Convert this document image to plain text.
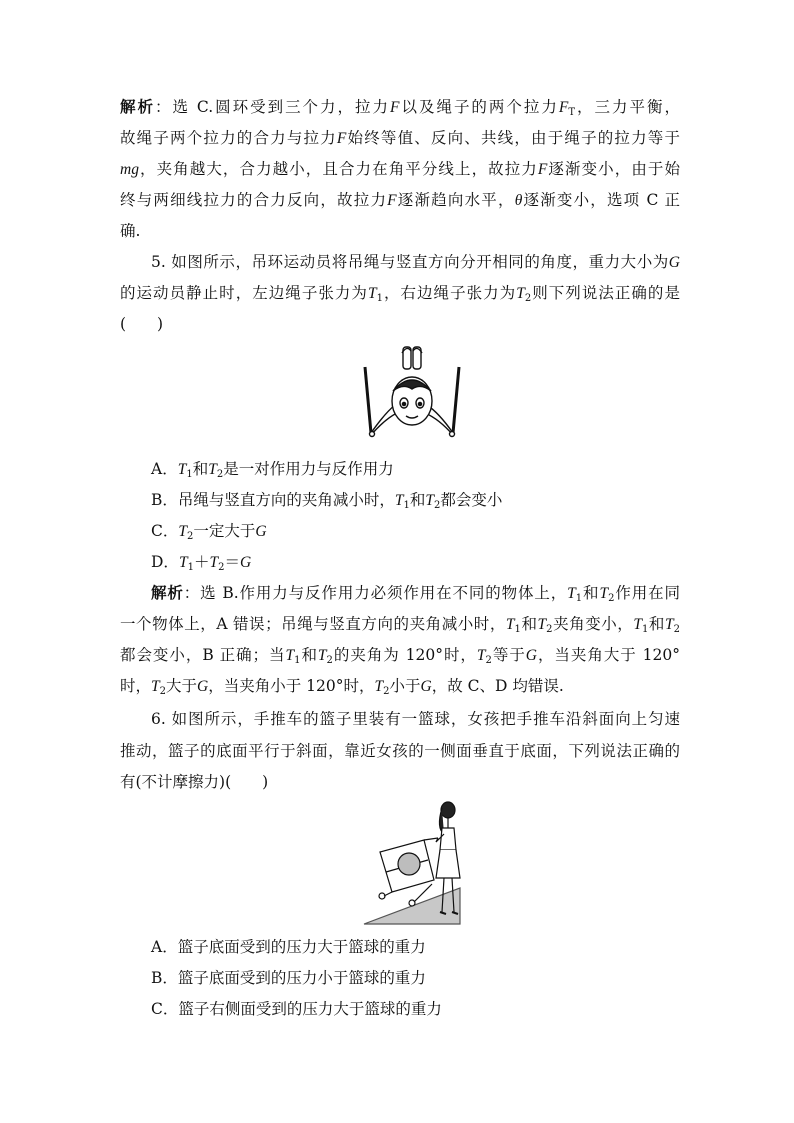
解析：选 C.圆环受到三个力，拉力F以及绳子的两个拉力$F_T$，三力平衡，
故绳子两个拉力的合力与拉力F始终等值、反向、共线，由于绳子的拉力等于
mg，夹角越大，合力越小，且合力在角平分线上，故拉力F逐渐变小，由于始
终与两细线拉力的合力反向，故拉力F逐渐趋向水平，θ逐渐变小，选项 C 正
确.
5. 如图所示，吊环运动员将吊绳与竖直方向分开相同的角度，重力大小为G
的运动员静止时，左边绳子张力为$T_1$，右边绳子张力为$T_2$则下列说法正确的是
(　　)
A．$T_1$和$T_2$是一对作用力与反作用力
B．吊绳与竖直方向的夹角减小时，$T_1$和$T_2$都会变小
C．$T_2$一定大于G
D．$T_1+T_2=G$
解析：选 B.作用力与反作用力必须作用在不同的物体上，$T_1$和$T_2$作用在同
一个物体上，A 错误；吊绳与竖直方向的夹角减小时，$T_1$和$T_2$夹角变小，$T_1$和$T_2$
都会变小，B 正确；当$T_1$和$T_2$的夹角为 120°时，$T_2$等于G，当夹角大于 120°
时，$T_2$大于G，当夹角小于 120°时，$T_2$小于G，故 C、D 均错误.
6. 如图所示，手推车的篮子里装有一篮球，女孩把手推车沿斜面向上匀速
推动，篮子的底面平行于斜面，靠近女孩的一侧面垂直于底面，下列说法正确的
有(不计摩擦力)(　　)
A．篮子底面受到的压力大于篮球的重力
B．篮子底面受到的压力小于篮球的重力
C．篮子右侧面受到的压力大于篮球的重力
